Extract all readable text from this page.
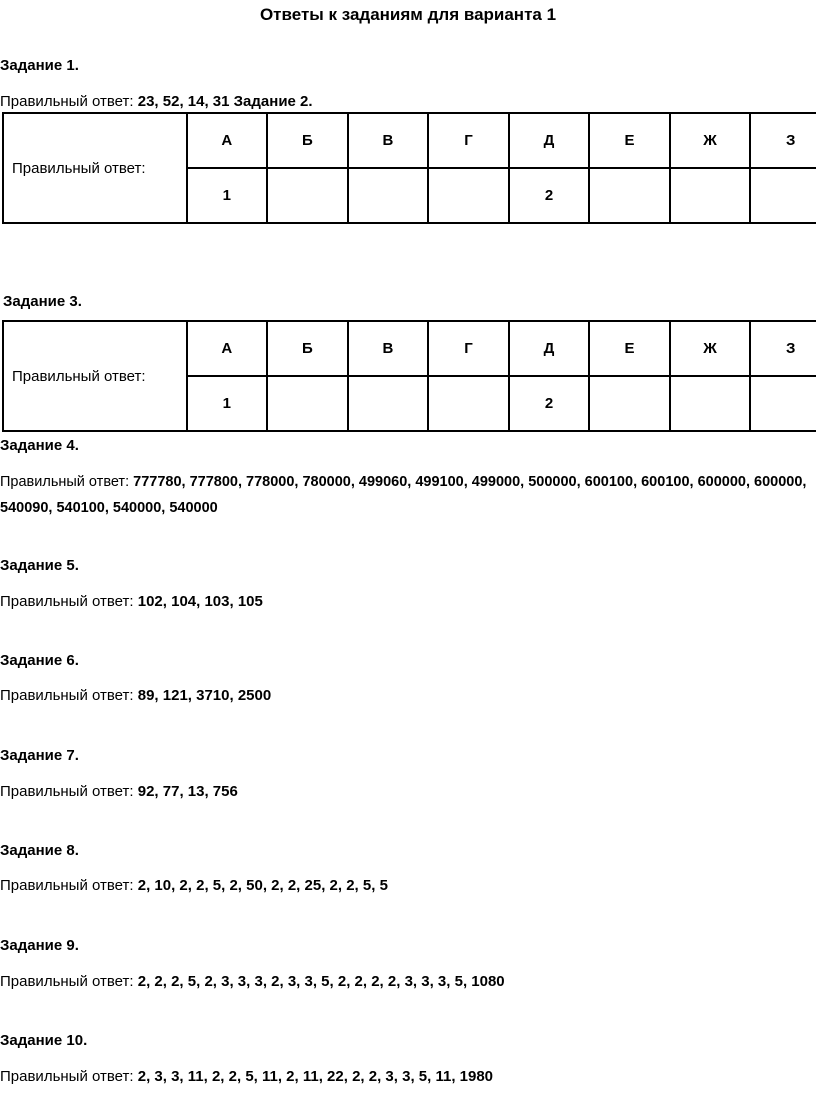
Ответы к заданиям для варианта 1
Задание 1.
Правильный ответ: 23, 52, 14, 31 Задание 2.
Правильный ответ:	А	Б	В	Г	Д	Е	Ж	З
	1				2			
Задание 3.
Правильный ответ:	А	Б	В	Г	Д	Е	Ж	З
	1				2			
Задание 4.
Правильный ответ: 777780, 777800, 778000, 780000, 499060, 499100, 499000, 500000, 600100, 600100, 600000, 600000, 540090, 540100, 540000, 540000
Задание 5.
Правильный ответ: 102, 104, 103, 105
Задание 6.
Правильный ответ: 89, 121, 3710, 2500
Задание 7.
Правильный ответ: 92, 77, 13, 756
Задание 8.
Правильный ответ: 2, 10, 2, 2, 5, 2, 50, 2, 2, 25, 2, 2, 5, 5
Задание 9.
Правильный ответ: 2, 2, 2, 5, 2, 3, 3, 3, 2, 3, 3, 5, 2, 2, 2, 2, 3, 3, 3, 5, 1080
Задание 10.
Правильный ответ: 2, 3, 3, 11, 2, 2, 5, 11, 2, 11, 22, 2, 2, 3, 3, 5, 11, 1980
